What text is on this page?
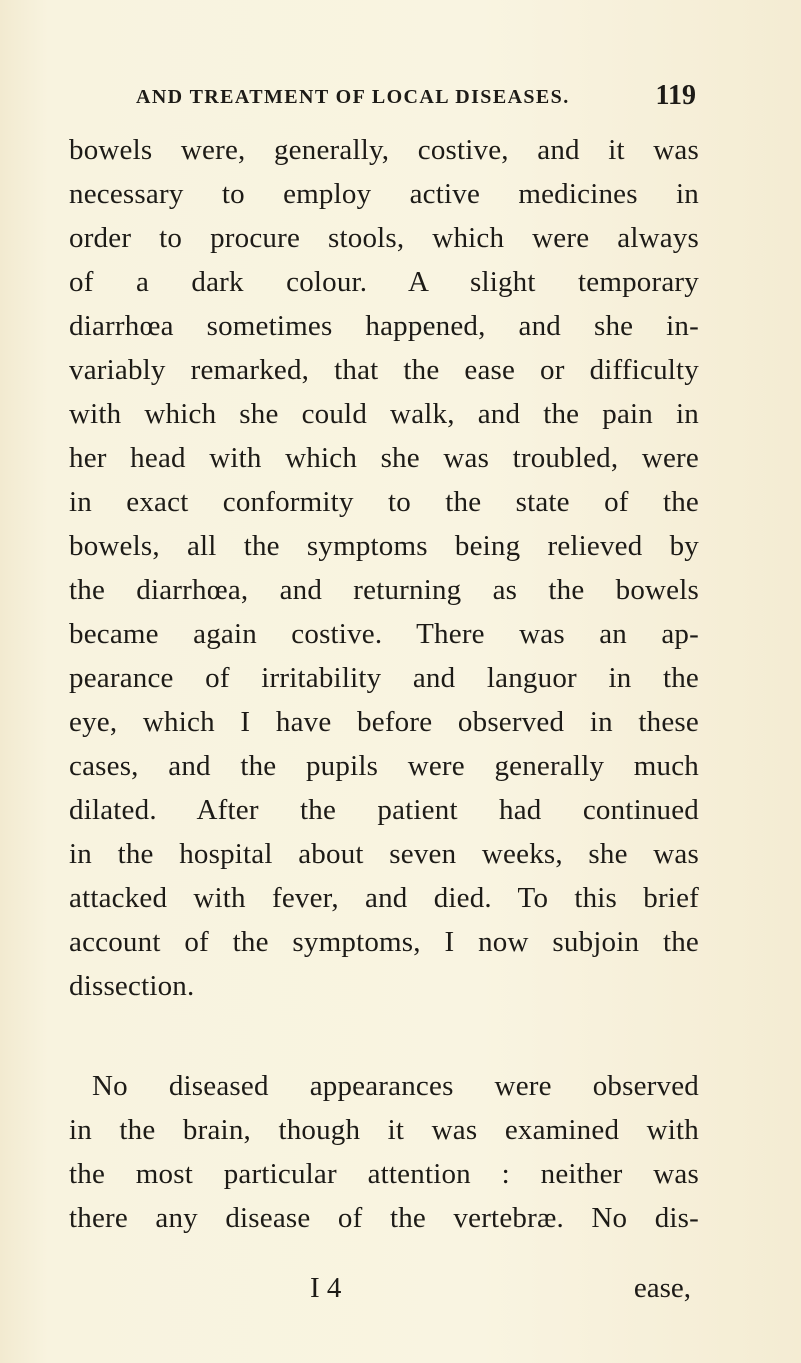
AND TREATMENT OF LOCAL DISEASES.	119
bowels were, generally, costive, and it was
necessary to employ active medicines in
order to procure stools, which were always
of a dark colour. A slight temporary
diarrhœa sometimes happened, and she in-
variably remarked, that the ease or difficulty
with which she could walk, and the pain in
her head with which she was troubled, were
in exact conformity to the state of the
bowels, all the symptoms being relieved by
the diarrhœa, and returning as the bowels
became again costive. There was an ap-
pearance of irritability and languor in the
eye, which I have before observed in these
cases, and the pupils were generally much
dilated. After the patient had continued
in the hospital about seven weeks, she was
attacked with fever, and died. To this brief
account of the symptoms, I now subjoin the
dissection.
No diseased appearances were observed
in the brain, though it was examined with
the most particular attention : neither was
there any disease of the vertebræ. No dis-
I 4	ease,
